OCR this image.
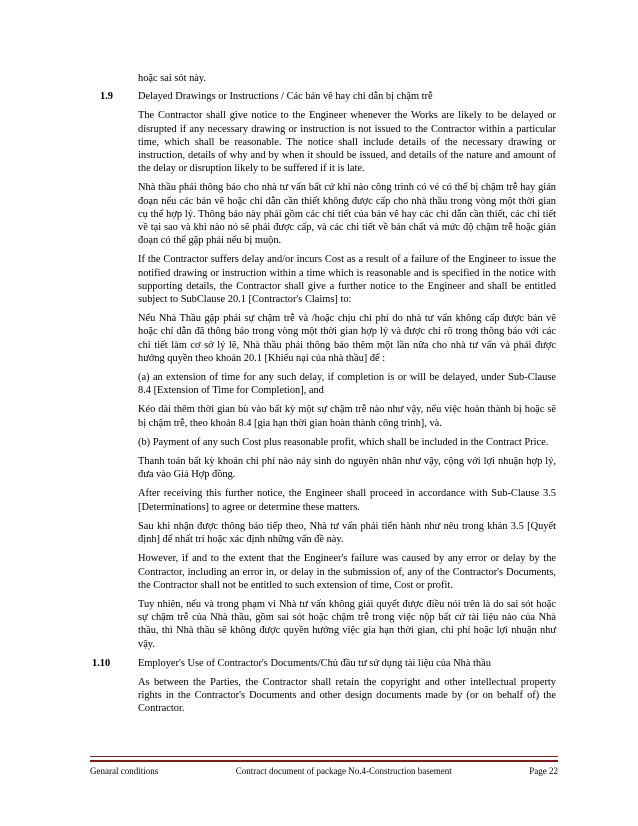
hoặc sai sót này.

1.9	Delayed Drawings or Instructions / Các bản vẽ hay chỉ dẫn bị chậm trễ

The Contractor shall give notice to the Engineer whenever the Works are likely to be delayed or disrupted if any necessary drawing or instruction is not issued to the Contractor within a particular time, which shall be reasonable. The notice shall include details of the necessary drawing or instruction, details of why and by when it should be issued, and details of the nature and amount of the delay or disruption likely to be suffered if it is late.

Nhà thầu phải thông báo cho nhà tư vấn bất cứ khi nào công trình có vẻ có thể bị chậm trễ hay gián đoạn nếu các bản vẽ hoặc chỉ dẫn cần thiết không được cấp cho nhà thầu trong vòng một thời gian cụ thể hợp lý. Thông báo này phải gồm các chi tiết của bản vẽ hay các chỉ dẫn cần thiết, các chi tiết về tại sao và khi nào nó sẽ phải được cấp, và các chi tiết về bản chất và mức độ chậm trễ hoặc gián đoạn có thể gặp phải nếu bị muộn.

If the Contractor suffers delay and/or incurs Cost as a result of a failure of the Engineer to issue the notified drawing or instruction within a time which is reasonable and is specified in the notice with supporting details, the Contractor shall give a further notice to the Engineer and shall be entitled subject to SubClause 20.1 [Contractor's Claims] to:

Nếu Nhà Thầu gặp phải sự chậm trễ và /hoặc chịu chi phí do nhà tư vấn không cấp được bản vẽ hoặc chỉ dẫn đã thông báo trong vòng một thời gian hợp lý và được chỉ rõ trong thông báo với các chi tiết làm cơ sở lý lẽ, Nhà thầu phải thông báo thêm một lần nữa cho nhà tư vấn và phải được hưởng quyền theo khoản 20.1 [Khiếu nại của nhà thầu] để :

(a) an extension of time for any such delay, if completion is or will be delayed, under Sub-Clause 8.4 [Extension of Time for Completion], and

Kéo dài thêm thời gian bù vào bất kỳ một sự chậm trễ nào như vậy, nếu việc hoàn thành bị hoặc sẽ bị chậm trễ, theo khoản 8.4 [gia hạn thời gian hoàn thành công trình], và.

(b) Payment of any such Cost plus reasonable profit, which shall be included in the Contract Price.

Thanh toán bất kỳ khoản chi phí nào nảy sinh do nguyên nhân như vậy, cộng với lợi nhuận hợp lý, đưa vào Giá Hợp đồng.

After receiving this further notice, the Engineer shall proceed in accordance with Sub-Clause 3.5 [Determinations] to agree or determine these matters.

Sau khi nhận được thông báo tiếp theo, Nhà tư vấn phải tiến hành như nêu trong khản 3.5 [Quyết định] để nhất trí hoặc xác định những vấn đề này.

However, if and to the extent that the Engineer's failure was caused by any error or delay by the Contractor, including an error in, or delay in the submission of, any of the Contractor's Documents, the Contractor shall not be entitled to such extension of time, Cost or profit.

Tuy nhiên, nếu và trong phạm vi Nhà tư vấn không giải quyết được điều nói trên là do sai sót hoặc sự chậm trễ của Nhà thầu, gồm sai sót hoặc chậm trễ trong việc nộp bất cứ tài liệu nào của Nhà thầu, thì Nhà thầu sẽ không được quyền hưởng việc gia hạn thời gian, chi phí hoặc lợi nhuận như vậy.

1.10	Employer's Use of Contractor's Documents/Chủ đầu tư sử dụng tài liệu của Nhà thầu

As between the Parties, the Contractor shall retain the copyright and other intellectual property rights in the Contractor's Documents and other design documents made by (or on behalf of) the Contractor.

Genaral conditions	Contract document of package No.4-Construction basement	Page 22
